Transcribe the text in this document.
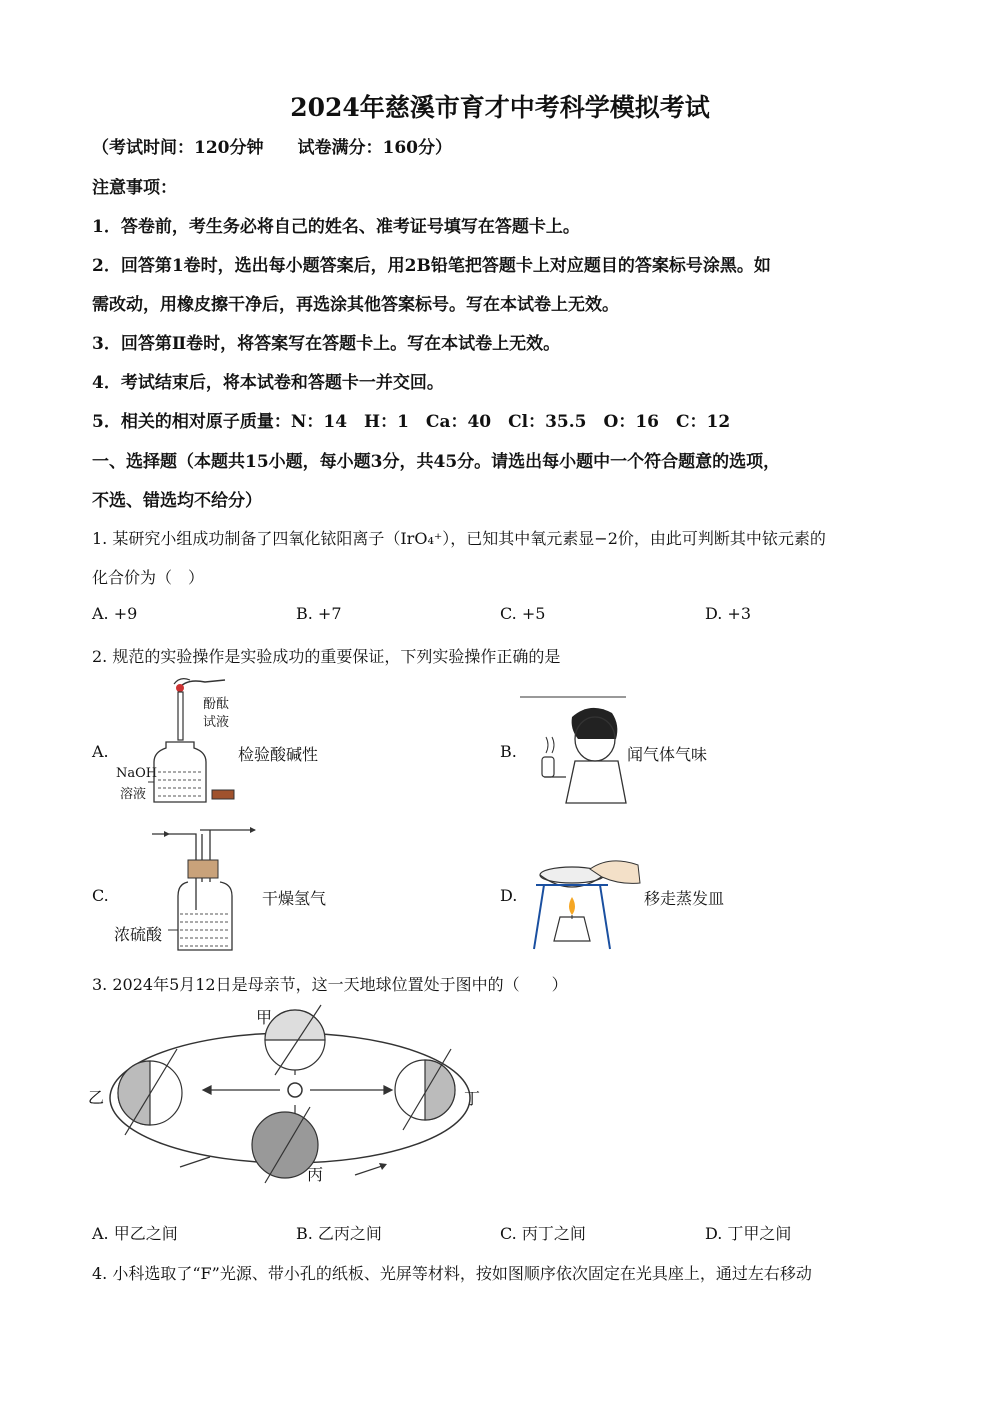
2024年慈溪市育才中考科学模拟考试
（考试时间：120分钟　　试卷满分：160分）
注意事项：
1．答卷前，考生务必将自己的姓名、准考证号填写在答题卡上。
2．回答第1卷时，选出每小题答案后，用2B铅笔把答题卡上对应题目的答案标号涂黑。如
需改动，用橡皮擦干净后，再选涂其他答案标号。写在本试卷上无效。
3．回答第Ⅱ卷时，将答案写在答题卡上。写在本试卷上无效。
4．考试结束后，将本试卷和答题卡一并交回。
5．相关的相对原子质量：N：14　H：1　Ca：40　Cl：35.5　O：16　C：12
一、选择题（本题共15小题，每小题3分，共45分。请选出每小题中一个符合题意的选项，
不选、错选均不给分）
1. 某研究小组成功制备了四氧化铱阳离子（IrO₄⁺），已知其中氧元素显−2价，由此可判断其中铱元素的
化合价为（　）
A. +9	B. +7	C. +5	D. +3
2. 规范的实验操作是实验成功的重要保证，下列实验操作正确的是
A.	检验酸碱性
酚酞
试液
NaOH
溶液
B.	闻气体气味
C.	干燥氢气
浓硫酸
D.	移走蒸发皿
3. 2024年5月12日是母亲节，这一天地球位置处于图中的（　　）
甲
乙
丙
丁
A. 甲乙之间	B. 乙丙之间	C. 丙丁之间	D. 丁甲之间
4. 小科选取了“F”光源、带小孔的纸板、光屏等材料，按如图顺序依次固定在光具座上，通过左右移动
